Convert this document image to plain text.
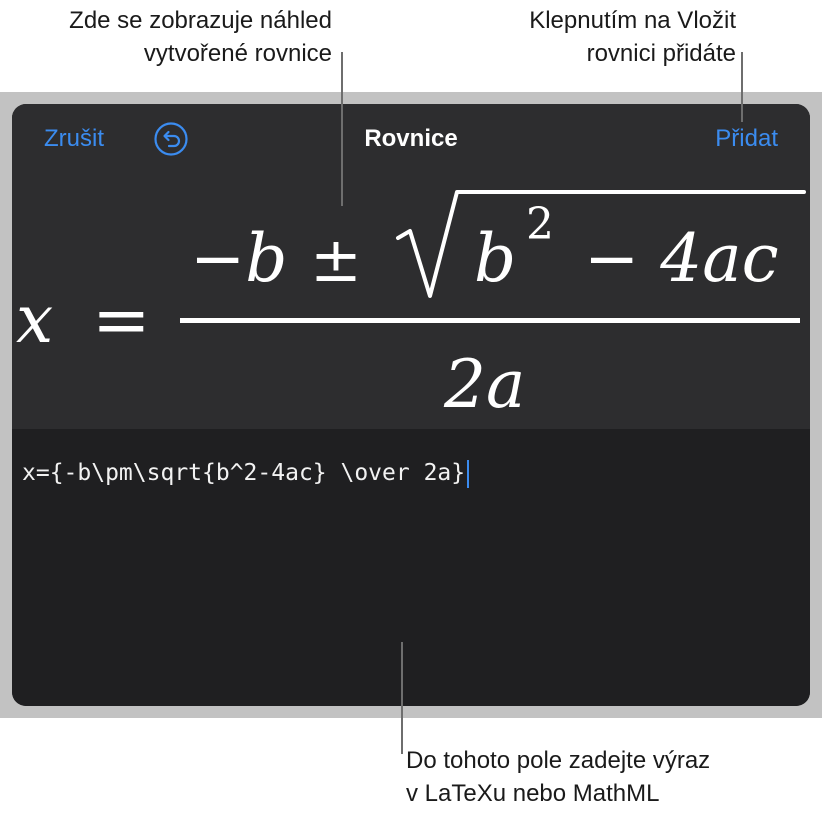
Zde se zobrazuje náhled
vytvořené rovnice
Klepnutím na Vložit
rovnici přidáte
Zrušit	Rovnice	Přidat
x =
−b ± b 2 − 4ac
2a
x={-b\pm\sqrt{b^2-4ac} \over 2a}
Do tohoto pole zadejte výraz
v LaTeXu nebo MathML
